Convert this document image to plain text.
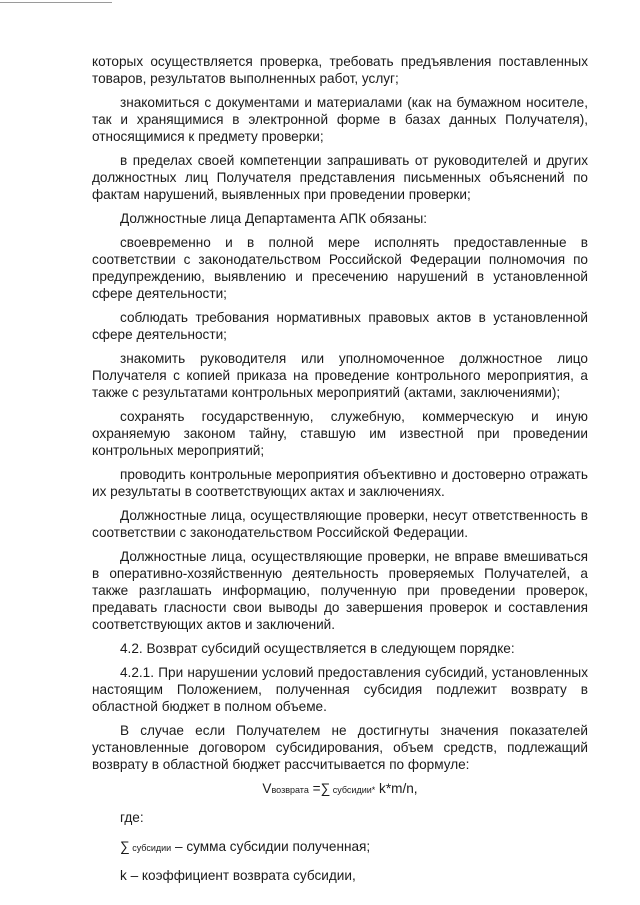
которых осуществляется проверка, требовать предъявления поставленных товаров, результатов выполненных работ, услуг;

знакомиться с документами и материалами (как на бумажном носителе, так и хранящимися в электронной форме в базах данных Получателя), относящимися к предмету проверки;

в пределах своей компетенции запрашивать от руководителей и других должностных лиц Получателя представления письменных объяснений по фактам нарушений, выявленных при проведении проверки;

Должностные лица Департамента АПК обязаны:

своевременно и в полной мере исполнять предоставленные в соответствии с законодательством Российской Федерации полномочия по предупреждению, выявлению и пресечению нарушений в установленной сфере деятельности;

соблюдать требования нормативных правовых актов в установленной сфере деятельности;

знакомить руководителя или уполномоченное должностное лицо Получателя с копией приказа на проведение контрольного мероприятия, а также с результатами контрольных мероприятий (актами, заключениями);

сохранять государственную, служебную, коммерческую и иную охраняемую законом тайну, ставшую им известной при проведении контрольных мероприятий;

проводить контрольные мероприятия объективно и достоверно отражать их результаты в соответствующих актах и заключениях.

Должностные лица, осуществляющие проверки, несут ответственность в соответствии с законодательством Российской Федерации.

Должностные лица, осуществляющие проверки, не вправе вмешиваться в оперативно-хозяйственную деятельность проверяемых Получателей, а также разглашать информацию, полученную при проведении проверок, предавать гласности свои выводы до завершения проверок и составления соответствующих актов и заключений.

4.2. Возврат субсидий осуществляется в следующем порядке:

4.2.1. При нарушении условий предоставления субсидий, установленных настоящим Положением, полученная субсидия подлежит возврату в областной бюджет в полном объеме.

В случае если Получателем не достигнуты значения показателей установленные договором субсидирования, объем средств, подлежащий возврату в областной бюджет рассчитывается по формуле:

Vвозврата =∑ субсидии* k*m/n,
где:
∑ субсидии – сумма субсидии полученная;
k – коэффициент возврата субсидии,
